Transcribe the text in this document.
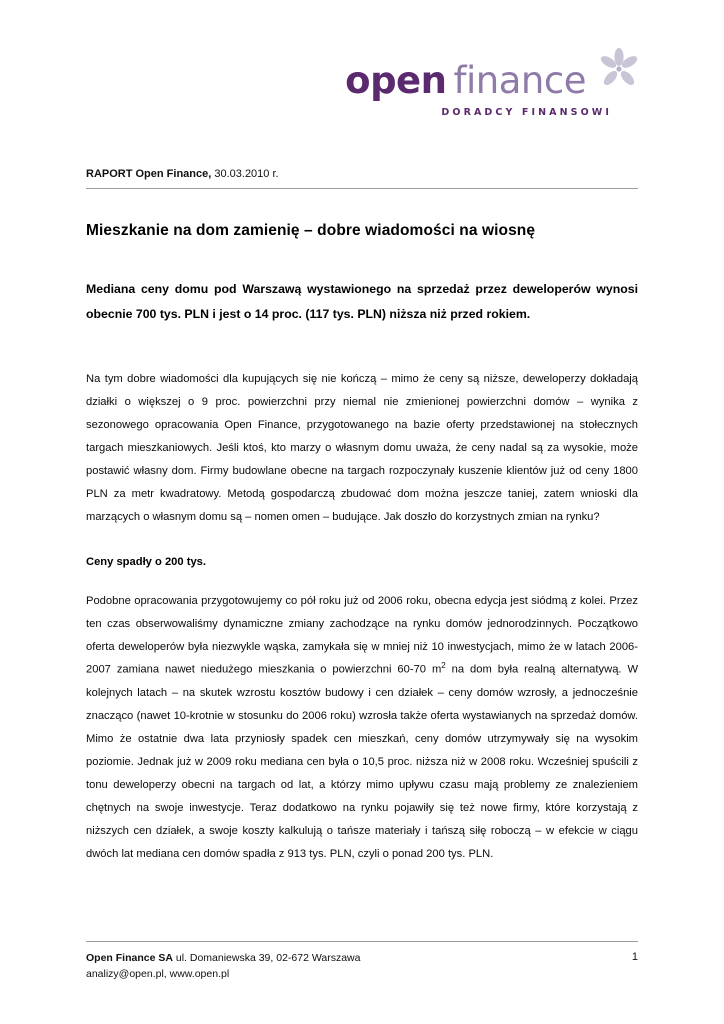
open finance
DORADCY FINANSOWI
RAPORT Open Finance, 30.03.2010 r.
Mieszkanie na dom zamienię – dobre wiadomości na wiosnę
Mediana ceny domu pod Warszawą wystawionego na sprzedaż przez deweloperów wynosi obecnie 700 tys. PLN i jest o 14 proc. (117 tys. PLN) niższa niż przed rokiem.

Na tym dobre wiadomości dla kupujących się nie kończą – mimo że ceny są niższe, deweloperzy dokładają działki o większej o 9 proc. powierzchni przy niemal nie zmienionej powierzchni domów – wynika z sezonowego opracowania Open Finance, przygotowanego na bazie oferty przedstawionej na stołecznych targach mieszkaniowych. Jeśli ktoś, kto marzy o własnym domu uważa, że ceny nadal są za wysokie, może postawić własny dom. Firmy budowlane obecne na targach rozpoczynały kuszenie klientów już od ceny 1800 PLN za metr kwadratowy. Metodą gospodarczą zbudować dom można jeszcze taniej, zatem wnioski dla marzących o własnym domu są – nomen omen – budujące. Jak doszło do korzystnych zmian na rynku?

Ceny spadły o 200 tys.

Podobne opracowania przygotowujemy co pół roku już od 2006 roku, obecna edycja jest siódmą z kolei. Przez ten czas obserwowaliśmy dynamiczne zmiany zachodzące na rynku domów jednorodzinnych. Początkowo oferta deweloperów była niezwykle wąska, zamykała się w mniej niż 10 inwestycjach, mimo że w latach 2006-2007 zamiana nawet niedużego mieszkania o powierzchni 60-70 $m^2$ na dom była realną alternatywą. W kolejnych latach – na skutek wzrostu kosztów budowy i cen działek – ceny domów wzrosły, a jednocześnie znacząco (nawet 10-krotnie w stosunku do 2006 roku) wzrosła także oferta wystawianych na sprzedaż domów. Mimo że ostatnie dwa lata przyniosły spadek cen mieszkań, ceny domów utrzymywały się na wysokim poziomie. Jednak już w 2009 roku mediana cen była o 10,5 proc. niższa niż w 2008 roku. Wcześniej spuścili z tonu deweloperzy obecni na targach od lat, a którzy mimo upływu czasu mają problemy ze znalezieniem chętnych na swoje inwestycje. Teraz dodatkowo na rynku pojawiły się też nowe firmy, które korzystają z niższych cen działek, a swoje koszty kalkulują o tańsze materiały i tańszą siłę roboczą – w efekcie w ciągu dwóch lat mediana cen domów spadła z 913 tys. PLN, czyli o ponad 200 tys. PLN.

Open Finance SA ul. Domaniewska 39, 02-672 Warszawa
analizy@open.pl, www.open.pl
1
